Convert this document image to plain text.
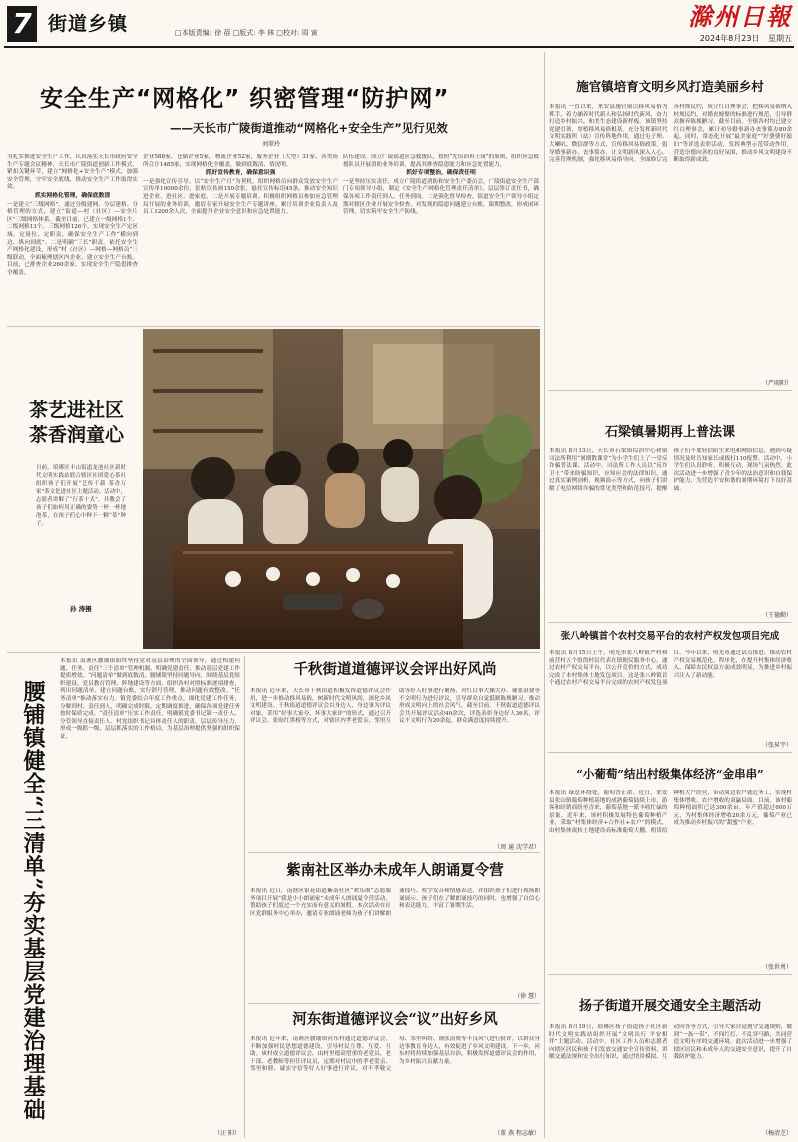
7 街道乡镇	□本版责编: 徐 蓓 □版式: 李 林 □校对: 周 寅
滁州日報
2024年8月23日 星期五
安全生产“网格化” 织密管理“防护网”
——天长市广陵街道推动“网格化+安全生产”见行见效
刘翠玲
为扎实推进安全生产工作，认真落实天长市政府安全生产专题会议精神，天长市广陵街道创新工作模式，紧扣关键环节，建立“网格化+安全生产”模式，加强安全管理，守牢安全底线，推动安全生产工作取得实效。
抓实网格化管理，确保底数清
一是建立“三级网格”。通过分级建网、分层建格、分格管理的方式，建立“街道—村（社区）—安全片区”三级网格体系。截至目前，已建立一级网格1个、二级网格13个、三级网格126个，实现安全生产定区域、定岗位、定职责，确保安全生产工作“横向到边、纵向到底”。二是明确“三长”职责。依托安全生产网格化建设，形成“村（社区）—网格—网格员”三级联动，全面梳理辖区内企业，建立安全生产台账。目前，已排查企业260余家，实现安全生产隐患排查全覆盖。
企业588家，仓储企业5家，物流企业52家，服务企业（大型）31家，各类场所合计1485家，实现网格化全覆盖，做到底数清、情况明。
抓好宣传教育，确保意识强
一是强化宣传引导。以“安全生产月”为契机，组织网格员向群众发放安全生产宣传单10000余份，张贴宣传画150余张，悬挂宣传标语45条，推动安全知识进企业、进社区、进家庭。二是开展专题培训。积极组织网格员参加应急管理局开展的业务培训，邀请专家开展安全生产专题讲座，累计培训企业负责人及员工1200余人次，全面提升企业安全意识和应急处置能力。
队伍建设。成立广陵街道应急救援队，按照“先培训再上岗”的原则，组织应急救援队员开展消防业务培训，提高其排查隐患能力和应急处置能力。
抓好专项整治，确保责任明
一是坚持压实责任。成立广陵街道消防和安全生产委员会，广陵街道安全生产部门专项领导小组，制定《安全生产网格化管理责任清单》，层层签订责任书，确保各项工作责任到人、任务到岗。二是强化督导检查。街道安全生产领导小组定期对辖区企业开展安全检查，对发现的隐患问题建立台账，限期整改，形成闭环管理，切实筑牢安全生产防线。
茶艺进社区
茶香润童心
日前，琅琊区丰山街道龙池社区新时代文明实践站联合辖区社团爱心茶社组织孩子们开展“艺传千载 茶香万家”茶文化进社区主题活动。活动中，志愿者讲解了“行茶十式”，并教会了孩子们如何用正确的姿势一杯一杯地泡茶，在孩子们心中种下一颗“茶”种子。
孙 涛摄
腰铺镇健全“三清单”夯实基层党建治理基础
本报讯 南谯区腰铺镇始终坚持党对基层治理的全面领导，通过构建问题、任务、责任“三个清单”管理机制，明确党建责任，推动基层党建工作提质增效。“问题清单”做到底数清。腰铺镇坚持问题导向，围绕基层党组织建设、党员教育管理、阵地建设等方面，组织各村对照标准逐项排查，列出问题清单，建立问题台账，实行销号管理，推动问题有效整改。“任务清单”推动落实有力。镇党委结合年度工作重点，细化党建工作任务，分解到村、责任到人，明确完成时限，定期调度推进，确保各项党建任务按时保质完成。“责任清单”压实工作责任。明确镇党委书记第一责任人、分管领导直接责任人、村党组织书记具体责任人的职责，层层传导压力，形成一级抓一级、层层抓落实的工作格局，为基层治理提供坚强的组织保证。
（汪 阳）
千秋街道道德评议会评出好风尚
本报讯 近年来，天长市千秋街道积极发挥道德评议会作用，进一步推动移风易俗，树新时代文明风尚，深化乡风文明建设。千秋街道道德评议会以身边人、身边事为评议对象，采用“好事大家夸、坏事大家评”的形式，通过召开评议会、张贴红黑榜等方式，对辖区内孝老爱亲、邻里互助等好人好事进行褒扬，对红白事大操大办、铺张浪费等不文明行为进行评议，引导群众自觉抵制陈规陋习，推动形成文明向上的社会风气。截至目前，千秋街道道德评议会共开展评议活动40余次，评选表彰身边好人36名，评议不文明行为20余起，群众满意度持续提升。
（周 通 沈学君）
紫南社区举办未成年人朗诵夏令营
本报讯 近日，南谯区银花街道紫南社区“欢乐颂”志愿服务项目开展“我是小小朗诵家”未成年人朗诵夏令营活动，帮助孩子们度过一个充实而有意义的暑假。本次活动在社区党群服务中心举办，邀请专业朗诵老师为孩子们讲解朗诵技巧、咬字发音和情感表达，并组织孩子们进行现场朗诵展示。孩子们在了解朗诵技巧的同时，也增强了自信心和表达能力，丰富了暑期生活。
（徐 慧）
河东街道德评议会“议”出好乡风
本报讯 近年来，南谯区腰铺镇河东村通过道德评议会，不断加强村民思想道德建设，引导村民互尊、互爱、互助。该村成立道德评议会，由村里德高望重的老党员、老干部、老教师等担任评议员，定期对村民中的孝老爱亲、邻里和睦、诚实守信等好人好事进行评议，对不孝敬父母、邻里纠纷、铺张浪费等不良风气进行批评，以群众身边事教育身边人，有效促进了乡风文明建设。下一步，河东村将持续加强基层自治，积极发挥道德评议会的作用，为乡村振兴贡献力量。
（董 燕 程志敏）
施官镇培育文明乡风打造美丽乡村
本报讯 一直以来，来安县施官镇以移风易俗为抓手，着力涵养时代新人和弘扬时代新风，奋力打造乡村振兴、和美生态建设新样板。该镇坚持党建引领，厚植移风易俗根基。充分发挥新时代文明实践所（站）宣传阵地作用，通过屯子理、大喇叭、微信群等方式，宣传移风易俗政策，倡导婚事新办、丧事简办，让文明新风深入人心。完善管理机制，强化移风易俗导向。全面修订完善村规民约，成立红白理事会，把移风易俗纳入村规民约，对婚丧嫁娶的标准进行规范，引导群众摒弃陈规陋习。截至目前，全镇各村均已建立红白理事会，累计劝导婚事新办丧事简办80余起。同时，常态化开展“最美家庭”“好婆婆好媳妇”等评选表彰活动，发挥典型示范带动作用，营造崇德向善的良好氛围，推动乡风文明建设不断取得新成效。
（严雨阳）
石梁镇暑期再上普法课
本报讯 8月13日，天长市石梁镇综治中心和镇司法所利用“暑期散课堂”为小学生们上了一堂反诈骗普法课。活动中，司法所工作人员以“反诈卫士”带来防骗知识、应知应会的法律知识，通过真实案例剖析、视频演示等方式，向孩子们讲解了电信网络诈骗的常见类型和防范技巧，提醒孩子们不要轻信陌生来电和网络信息，遇到可疑情况及时告知家长或拨打110报警。活动中，小学生们认真聆听、积极互动，现场气氛热烈。此次活动进一步增强了青少年的法治意识和自我保护能力，为营造平安和谐的暑期环境打下良好基础。
（王德勤）
张八岭镇首个农村交易平台的农村产权发包项目完成
本报讯 8月15日上午，明光市张八岭镇严村和前营村五个组的村民代表在镇便民服务中心，通过农村产权交易平台，以公开竞价的方式，成功完成了本村集体土地发包项目。这是张八岭镇首个通过农村产权交易平台完成的农村产权发包项目。今年以来，明光市通过试点推进、推动农村产权交易规范化、程序化，在提升村集体经济收入、保障农民权益方面成效明显，为推进乡村振兴注入了新动能。
（张昇宇）
“小葡萄”结出村级集体经济“金串串”
本报讯 绿意环绕处，葡萄香正浓。近日，来安县张山镇葡萄种植基地的成熟葡萄陆续上市，游客和经销商纷至沓来，葡萄基地一派丰收忙碌的景象。近年来，该村积极发展特色葡萄种植产业，采取“村集体经济+合作社+农户”的模式，由村集体流转土地建设高标准葡萄大棚，租赁给种植大户经营，带动周边农户就近务工，实现村集体增收、农户增收的双赢局面。目前，该村葡萄种植面积已达300余亩，年产值超过600万元，为村集体经济增收20余万元，葡萄产业已成为推动乡村振兴的“甜蜜”产业。
（张世勇）
扬子街道开展交通安全主题活动
本报讯 8月19日，琅琊区扬子街道扬子社区新时代文明实践站组织开展“文明出行 平安相伴”主题活动。活动中，社区工作人员和志愿者向辖区居民和孩子们发放交通安全宣传资料，讲解交通法规和安全出行知识，通过情景模拟、互动问答等方式，引导大家自觉遵守交通规则，做到“一盔一带”，不闯红灯、不乱穿马路，共同营造文明有序的交通环境。此次活动进一步增强了辖区居民和未成年人的交通安全意识，提升了自我防护能力。
（杨清芝）
